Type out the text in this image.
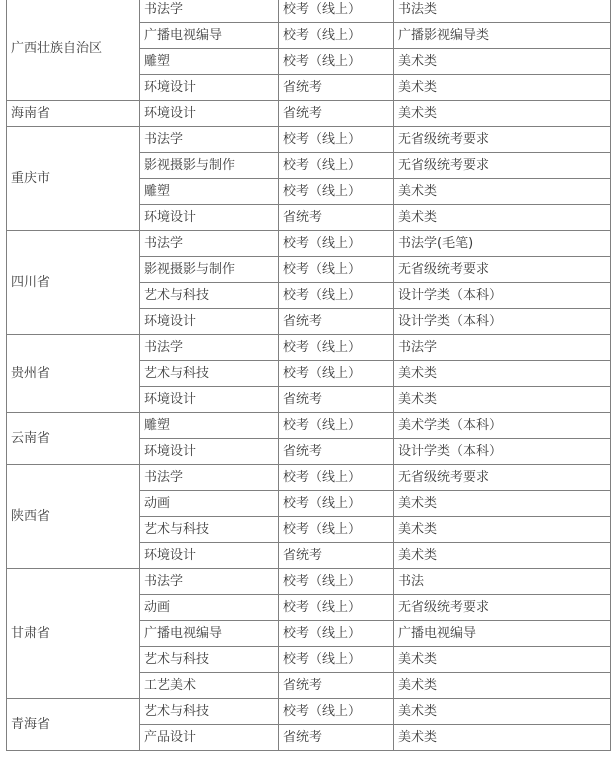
广西壮族自治区	书法学	校考（线上）	书法类
	广播电视编导	校考（线上）	广播影视编导类
	雕塑	校考（线上）	美术类
	环境设计	省统考	美术类
海南省	环境设计	省统考	美术类
重庆市	书法学	校考（线上）	无省级统考要求
	影视摄影与制作	校考（线上）	无省级统考要求
	雕塑	校考（线上）	美术类
	环境设计	省统考	美术类
四川省	书法学	校考（线上）	书法学(毛笔)
	影视摄影与制作	校考（线上）	无省级统考要求
	艺术与科技	校考（线上）	设计学类（本科）
	环境设计	省统考	设计学类（本科）
贵州省	书法学	校考（线上）	书法学
	艺术与科技	校考（线上）	美术类
	环境设计	省统考	美术类
云南省	雕塑	校考（线上）	美术学类（本科）
	环境设计	省统考	设计学类（本科）
陕西省	书法学	校考（线上）	无省级统考要求
	动画	校考（线上）	美术类
	艺术与科技	校考（线上）	美术类
	环境设计	省统考	美术类
甘肃省	书法学	校考（线上）	书法
	动画	校考（线上）	无省级统考要求
	广播电视编导	校考（线上）	广播电视编导
	艺术与科技	校考（线上）	美术类
	工艺美术	省统考	美术类
青海省	艺术与科技	校考（线上）	美术类
	产品设计	省统考	美术类
